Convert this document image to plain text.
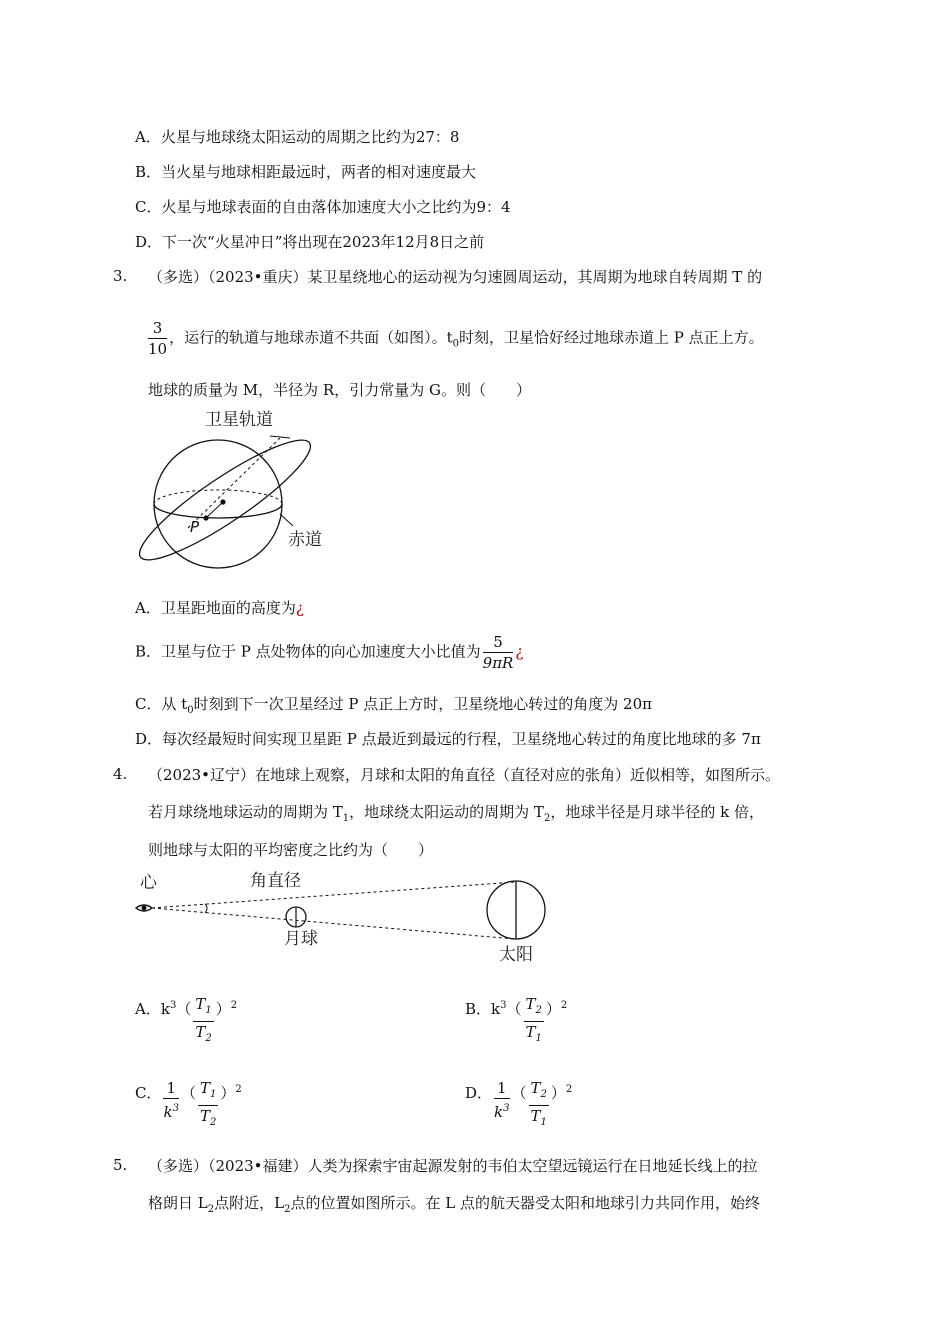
A．火星与地球绕太阳运动的周期之比约为27：8
B．当火星与地球相距最远时，两者的相对速度最大
C．火星与地球表面的自由落体加速度大小之比约为9：4
D．下一次“火星冲日”将出现在2023年12月8日之前
3. （多选）（2023•重庆）某卫星绕地心的运动视为匀速圆周运动，其周期为地球自转周期 T 的
$\frac{3}{10}$ ，运行的轨道与地球赤道不共面（如图）。$t_0$时刻，卫星恰好经过地球赤道上 P 点正上方。
地球的质量为 M，半径为 R，引力常量为 G。则（　　）
卫星轨道
赤道
P
A．卫星距地面的高度为¿
B．卫星与位于 P 点处物体的向心加速度大小比值为 $\frac{5}{9\pi R}$ ¿
C．从 $t_0$时刻到下一次卫星经过 P 点正上方时，卫星绕地心转过的角度为 20π
D．每次经最短时间实现卫星距 P 点最近到最远的行程，卫星绕地心转过的角度比地球的多 7π
4. （2023•辽宁）在地球上观察，月球和太阳的角直径（直径对应的张角）近似相等，如图所示。
若月球绕地球运动的周期为 $T_1$，地球绕太阳运动的周期为 $T_2$，地球半径是月球半径的 k 倍，
则地球与太阳的平均密度之比约为（　　）
心	角直径
月球
太阳
A．$k^3( \frac{T_1}{T_2} )^2$	B．$k^3( \frac{T_2}{T_1} )^2$
C． $\frac{1}{k^3}$ （ $\frac{T_1}{T_2} )^2$	D． $\frac{1}{k^3}$ （ $\frac{T_2}{T_1} )^2$
5. （多选）（2023•福建）人类为探索宇宙起源发射的韦伯太空望远镜运行在日地延长线上的拉
格朗日 $L_2$点附近，$L_2$点的位置如图所示。在 L 点的航天器受太阳和地球引力共同作用，始终
